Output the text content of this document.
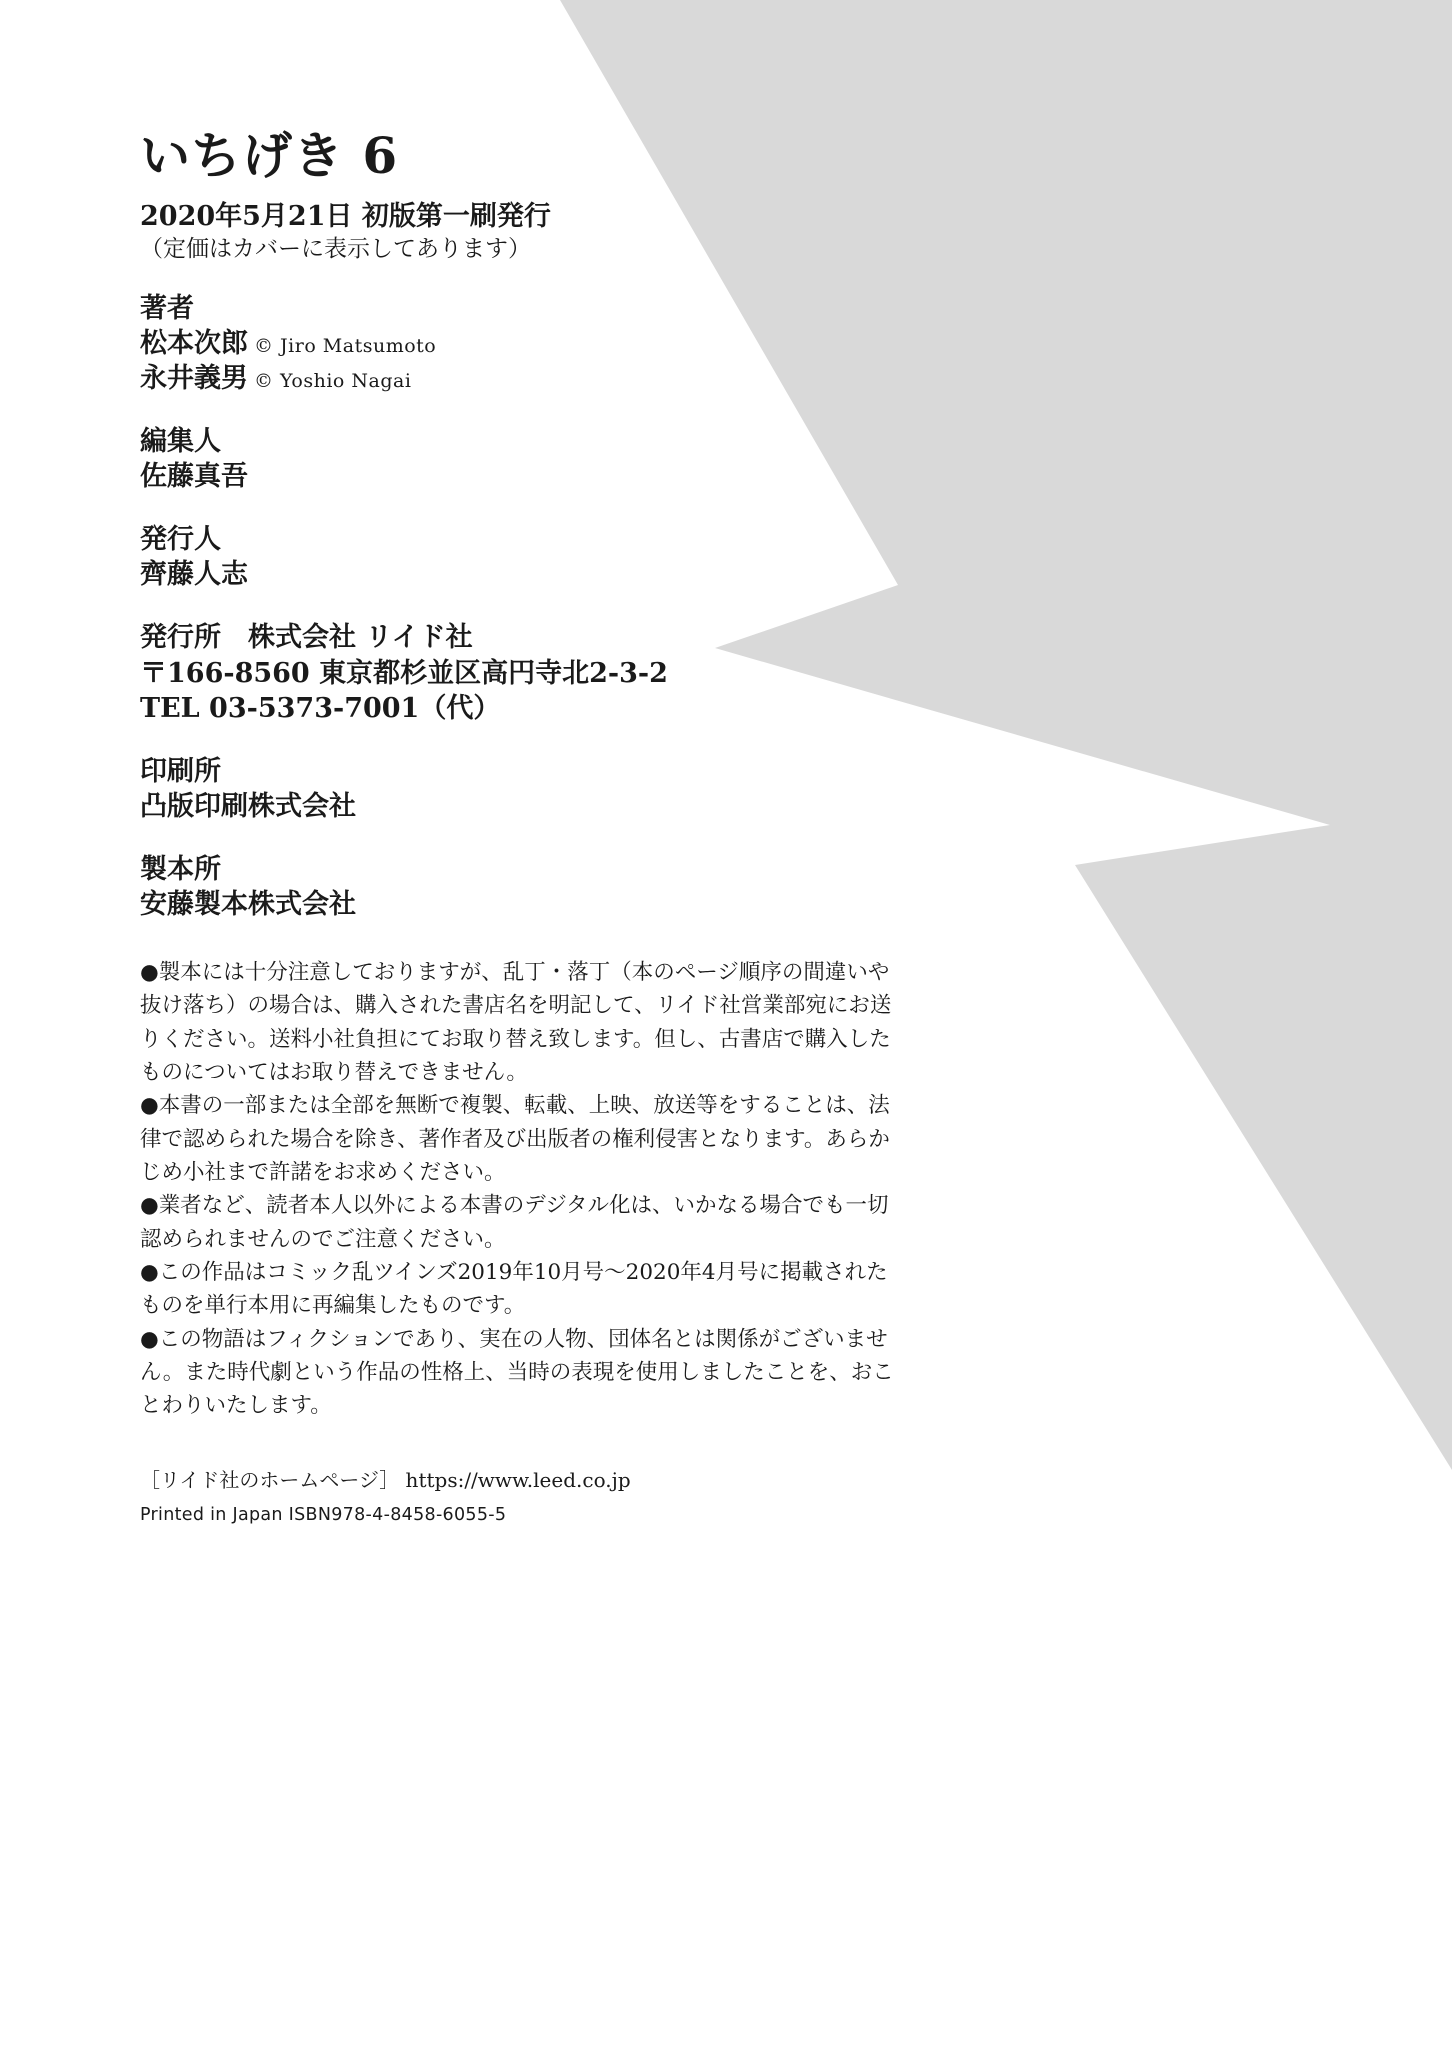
いちげき 6
2020年5月21日 初版第一刷発行
（定価はカバーに表示してあります）
著者
松本次郎 © Jiro Matsumoto
永井義男 © Yoshio Nagai
編集人
佐藤真吾
発行人
齊藤人志
発行所　株式会社 リイド社
〒166-8560 東京都杉並区高円寺北2-3-2
TEL 03-5373-7001（代）
印刷所
凸版印刷株式会社
製本所
安藤製本株式会社

●製本には十分注意しておりますが、乱丁・落丁（本のページ順序の間違いや抜け落ち）の場合は、購入された書店名を明記して、リイド社営業部宛にお送りください。送料小社負担にてお取り替え致します。但し、古書店で購入したものについてはお取り替えできません。

●本書の一部または全部を無断で複製、転載、上映、放送等をすることは、法律で認められた場合を除き、著作者及び出版者の権利侵害となります。あらかじめ小社まで許諾をお求めください。

●業者など、読者本人以外による本書のデジタル化は、いかなる場合でも一切認められませんのでご注意ください。

●この作品はコミック乱ツインズ2019年10月号～2020年4月号に掲載されたものを単行本用に再編集したものです。

●この物語はフィクションであり、実在の人物、団体名とは関係がございません。また時代劇という作品の性格上、当時の表現を使用しましたことを、おことわりいたします。

［リイド社のホームページ］ https://www.leed.co.jp
Printed in Japan ISBN978-4-8458-6055-5
